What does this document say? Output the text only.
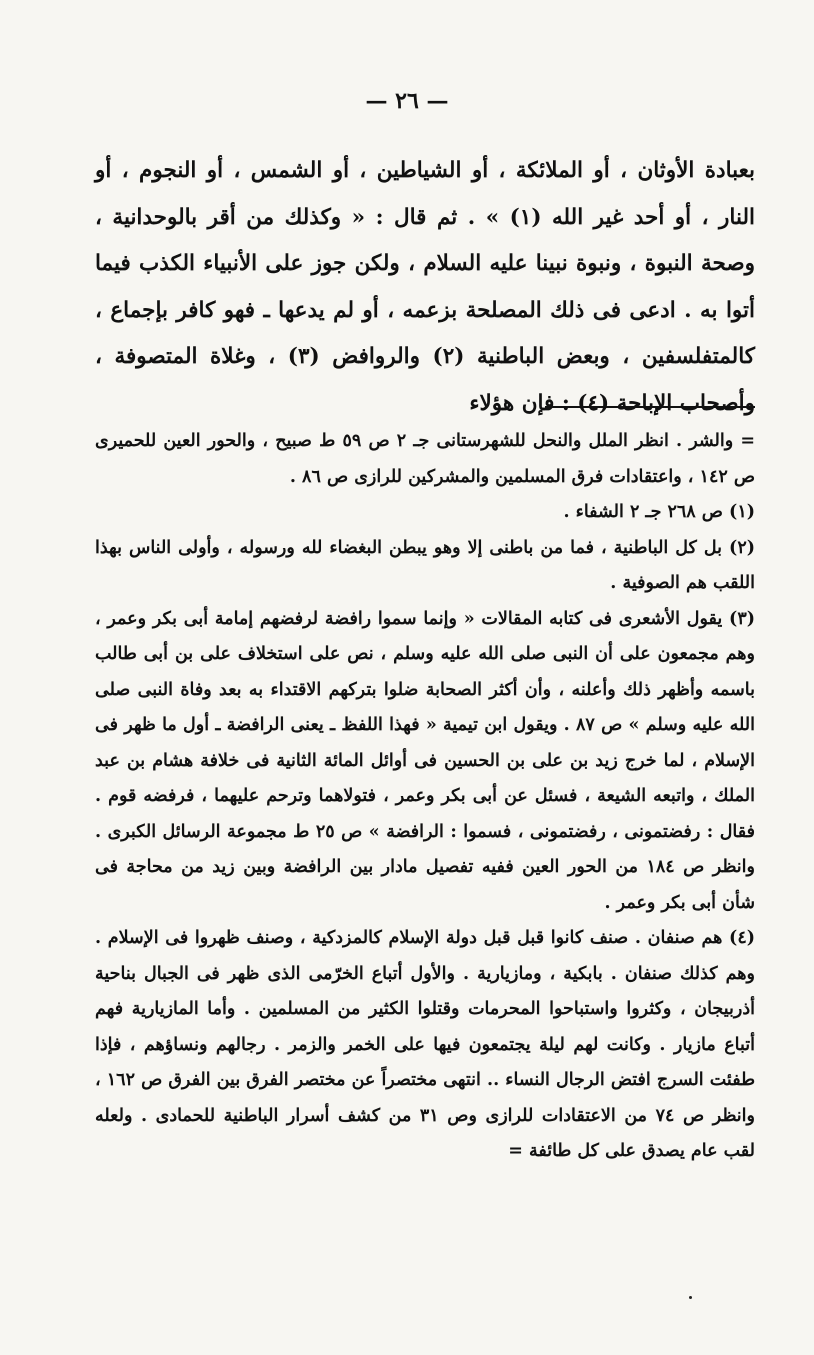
— ٢٦ —

بعبادة الأوثان ، أو الملائكة ، أو الشياطين ، أو الشمس ، أو النجوم ، أو النار ، أو أحد غير الله (١) » . ثم قال : « وكذلك من أقر بالوحدانية ، وصحة النبوة ، ونبوة نبينا عليه السلام ، ولكن جوز على الأنبياء الكذب فيما أتوا به . ادعى فى ذلك المصلحة بزعمه ، أو لم يدعها ـ فهو كافر بإجماع ، كالمتفلسفين ، وبعض الباطنية (٢) والروافض (٣) ، وغلاة المتصوفة ، وأصحاب الإباحة (٤) : فإن هؤلاء

= والشر . انظر الملل والنحل للشهرستانى جـ ٢ ص ٥٩ ط صبيح ، والحور العين للحميرى ص ١٤٢ ، واعتقادات فرق المسلمين والمشركين للرازى ص ٨٦ .

(١) ص ٢٦٨ جـ ٢ الشفاء .

(٢) بل كل الباطنية ، فما من باطنى إلا وهو يبطن البغضاء لله ورسوله ، وأولى الناس بهذا اللقب هم الصوفية .

(٣) يقول الأشعرى فى كتابه المقالات « وإنما سموا رافضة لرفضهم إمامة أبى بكر وعمر ، وهم مجمعون على أن النبى صلى الله عليه وسلم ، نص على استخلاف على بن أبى طالب باسمه وأظهر ذلك وأعلنه ، وأن أكثر الصحابة ضلوا بتركهم الاقتداء به بعد وفاة النبى صلى الله عليه وسلم » ص ٨٧ . ويقول ابن تيمية « فهذا اللفظ ـ يعنى الرافضة ـ أول ما ظهر فى الإسلام ، لما خرج زيد بن على بن الحسين فى أوائل المائة الثانية فى خلافة هشام بن عبد الملك ، واتبعه الشيعة ، فسئل عن أبى بكر وعمر ، فتولاهما وترحم عليهما ، فرفضه قوم . فقال : رفضتمونى ، رفضتمونى ، فسموا : الرافضة » ص ٢٥ ط مجموعة الرسائل الكبرى . وانظر ص ١٨٤ من الحور العين ففيه تفصيل مادار بين الرافضة وبين زيد من محاجة فى شأن أبى بكر وعمر .

(٤) هم صنفان . صنف كانوا قبل قبل دولة الإسلام كالمزدكية ، وصنف ظهروا فى الإسلام . وهم كذلك صنفان . بابكية ، ومازيارية . والأول أتباع الخرّمى الذى ظهر فى الجبال بناحية أذربيجان ، وكثروا واستباحوا المحرمات وقتلوا الكثير من المسلمين . وأما المازيارية فهم أتباع مازيار . وكانت لهم ليلة يجتمعون فيها على الخمر والزمر . رجالهم ونساؤهم ، فإذا طفئت السرج افتض الرجال النساء .. انتهى مختصراً عن مختصر الفرق بين الفرق ص ١٦٢ ، وانظر ص ٧٤ من الاعتقادات للرازى وص ٣١ من كشف أسرار الباطنية للحمادى . ولعله لقب عام يصدق على كل طائفة =
